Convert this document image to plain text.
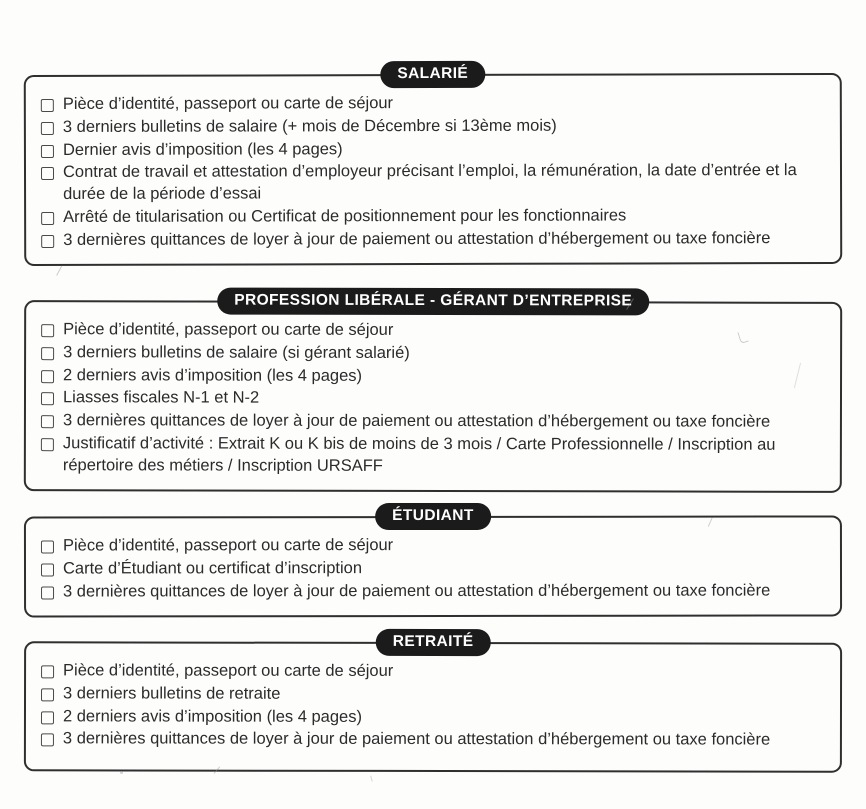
SALARIÉ
Pièce d’identité, passeport ou carte de séjour
3 derniers bulletins de salaire (+ mois de Décembre si 13ème mois)
Dernier avis d’imposition (les 4 pages)
Contrat de travail et attestation d’employeur précisant l’emploi, la rémunération, la date d’entrée et la durée de la période d’essai
Arrêté de titularisation ou Certificat de positionnement pour les fonctionnaires
3 dernières quittances de loyer à jour de paiement ou attestation d’hébergement ou taxe foncière
PROFESSION LIBÉRALE - GÉRANT D’ENTREPRISE
Pièce d’identité, passeport ou carte de séjour
3 derniers bulletins de salaire (si gérant salarié)
2 derniers avis d’imposition (les 4 pages)
Liasses fiscales N-1 et N-2
3 dernières quittances de loyer à jour de paiement ou attestation d’hébergement ou taxe foncière
Justificatif d’activité : Extrait K ou K bis de moins de 3 mois / Carte Professionnelle / Inscription au répertoire des métiers / Inscription URSAFF
ÉTUDIANT
Pièce d’identité, passeport ou carte de séjour
Carte d’Étudiant ou certificat d’inscription
3 dernières quittances de loyer à jour de paiement ou attestation d’hébergement ou taxe foncière
RETRAITÉ
Pièce d’identité, passeport ou carte de séjour
3 derniers bulletins de retraite
2 derniers avis d’imposition (les 4 pages)
3 dernières quittances de loyer à jour de paiement ou attestation d’hébergement ou taxe foncière
